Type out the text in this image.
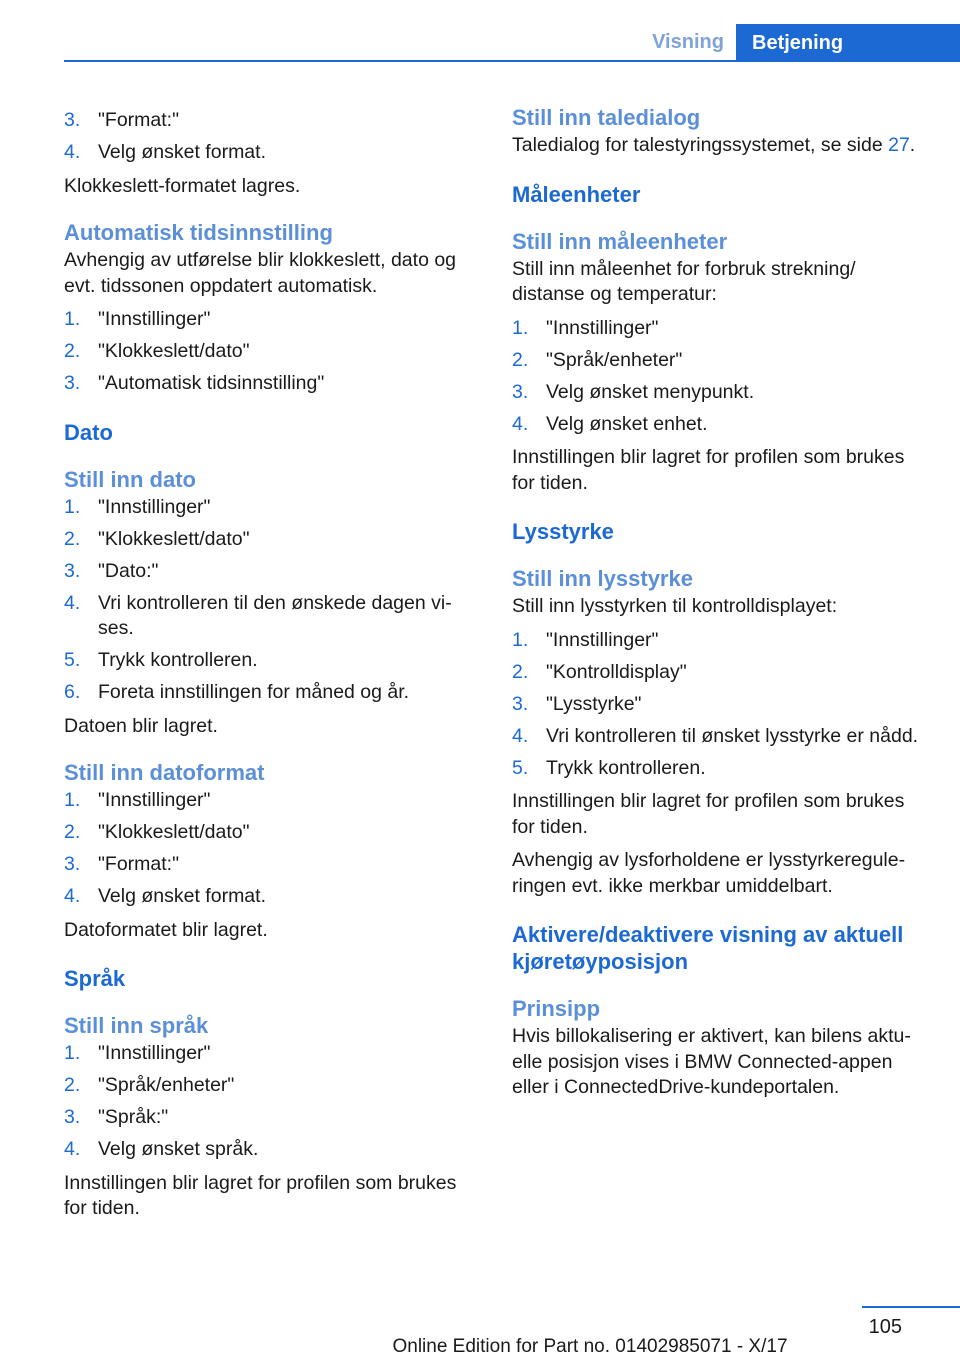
Visning	Betjening
3. "Format:"
4. Velg ønsket format.

Klokkeslett-formatet lagres.

Automatisk tidsinnstilling

Avhengig av utførelse blir klokkeslett, dato og evt. tidssonen oppdatert automatisk.

1. "Innstillinger"
2. "Klokkeslett/dato"
3. "Automatisk tidsinnstilling"
Dato
Still inn dato
1. "Innstillinger"
2. "Klokkeslett/dato"
3. "Dato:"
4. Vri kontrolleren til den ønskede dagen vi-ses.
5. Trykk kontrolleren.
6. Foreta innstillingen for måned og år.

Datoen blir lagret.

Still inn datoformat
1. "Innstillinger"
2. "Klokkeslett/dato"
3. "Format:"
4. Velg ønsket format.

Datoformatet blir lagret.

Språk
Still inn språk
1. "Innstillinger"
2. "Språk/enheter"
3. "Språk:"
4. Velg ønsket språk.

Innstillingen blir lagret for profilen som brukes for tiden.

Still inn taledialog

Taledialog for talestyringssystemet, se side 27.

Måleenheter
Still inn måleenheter

Still inn måleenhet for forbruk strekning/ distanse og temperatur:

1. "Innstillinger"
2. "Språk/enheter"
3. Velg ønsket menypunkt.
4. Velg ønsket enhet.

Innstillingen blir lagret for profilen som brukes for tiden.

Lysstyrke
Still inn lysstyrke

Still inn lysstyrken til kontrolldisplayet:

1. "Innstillinger"
2. "Kontrolldisplay"
3. "Lysstyrke"
4. Vri kontrolleren til ønsket lysstyrke er nådd.
5. Trykk kontrolleren.

Innstillingen blir lagret for profilen som brukes for tiden.

Avhengig av lysforholdene er lysstyrkeregule-ringen evt. ikke merkbar umiddelbart.

Aktivere/deaktivere visning av aktuell kjøretøyposisjon
Prinsipp

Hvis billokalisering er aktivert, kan bilens aktu-elle posisjon vises i BMW Connected-appen eller i ConnectedDrive-kundeportalen.

105
Online Edition for Part no. 01402985071 - X/17
